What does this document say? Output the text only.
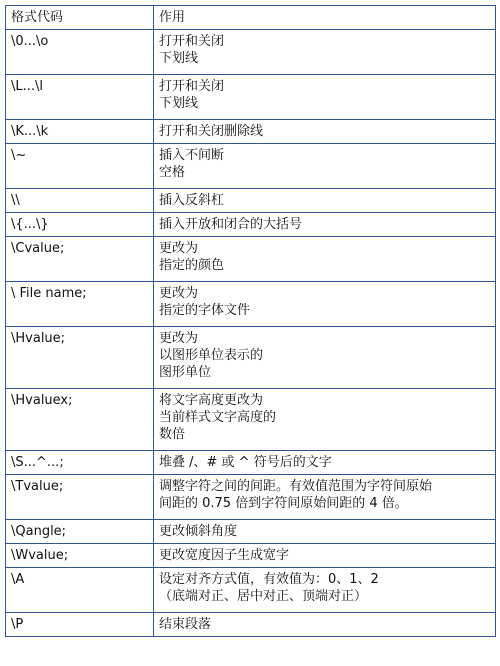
格式代码	作用
\0...\o	打开和关闭
下划线
\L...\l	打开和关闭
下划线
\K...\k	打开和关闭删除线
\~	插入不间断
空格
\\	插入反斜杠
\{...\}	插入开放和闭合的大括号
\Cvalue;	更改为
指定的颜色
\ File name;	更改为
指定的字体文件
\Hvalue;	更改为
以图形单位表示的
图形单位
\Hvaluex;	将文字高度更改为
当前样式文字高度的
数倍
\S...^...;	堆叠 /、# 或 ^ 符号后的文字
\Tvalue;	调整字符之间的间距。有效值范围为字符间原始
间距的 0.75 倍到字符间原始间距的 4 倍。
\Qangle;	更改倾斜角度
\Wvalue;	更改宽度因子生成宽字
\A	设定对齐方式值，有效值为：0、1、2
（底端对正、居中对正、顶端对正）
\P	结束段落
